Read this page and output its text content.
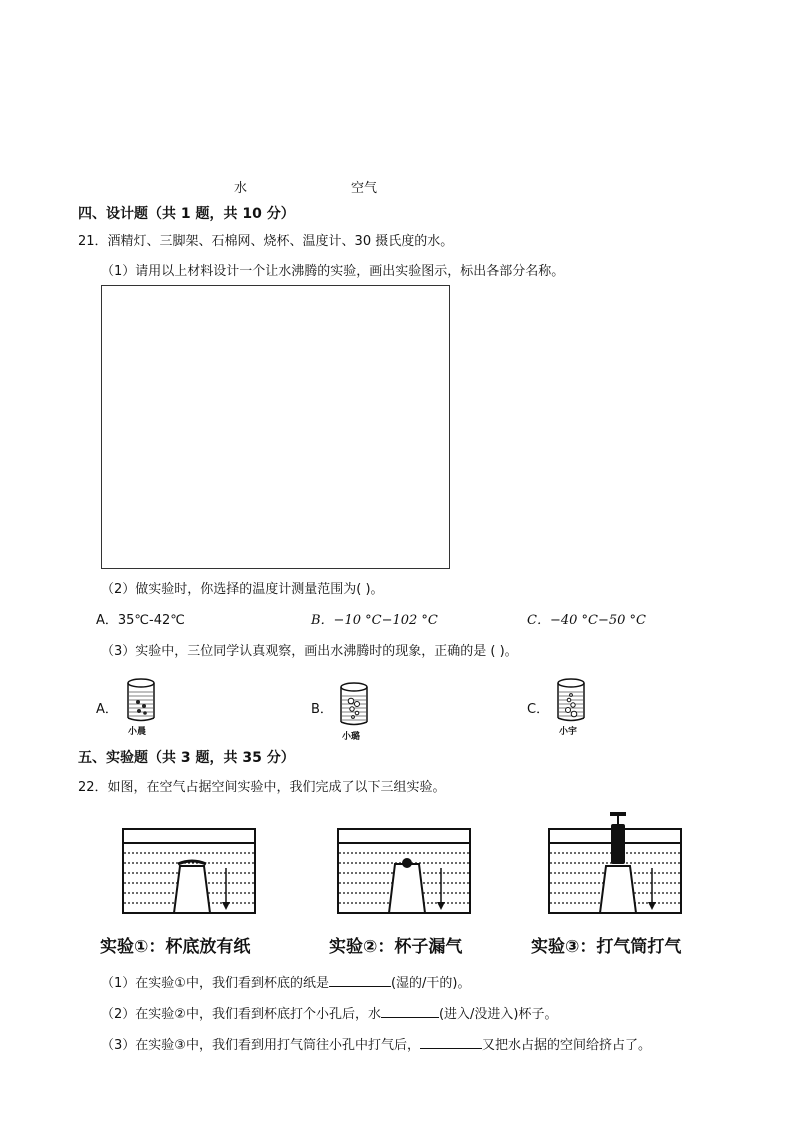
水	空气
四、设计题（共 1 题，共 10 分）
21．酒精灯、三脚架、石棉网、烧杯、温度计、30 摄氏度的水。
（1）请用以上材料设计一个让水沸腾的实验，画出实验图示，标出各部分名称。
（2）做实验时，你选择的温度计测量范围为( )。
A．35℃-42℃	B．−10 °C−102 °C	C．−40 °C−50 °C
（3）实验中，三位同学认真观察，画出水沸腾时的现象，正确的是 ( )。
A．
小晨
B．
小璐
C．
小宇
五、实验题（共 3 题，共 35 分）
22．如图，在空气占据空间实验中，我们完成了以下三组实验。
实验①：杯底放有纸	实验②：杯子漏气	实验③：打气筒打气
（1）在实验①中，我们看到杯底的纸是	(湿的/干的)。
（2）在实验②中，我们看到杯底打个小孔后，水	(进入/没进入)杯子。
（3）在实验③中，我们看到用打气筒往小孔中打气后，	又把水占据的空间给挤占了。
